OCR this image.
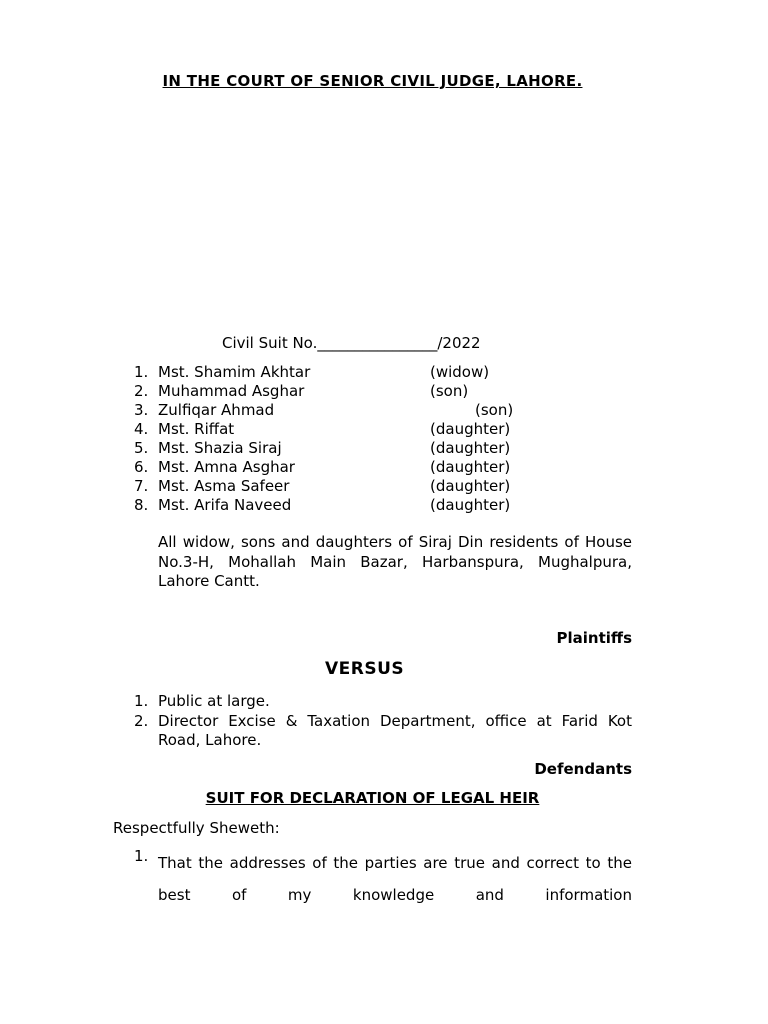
IN THE COURT OF SENIOR CIVIL JUDGE, LAHORE.
Civil Suit No.________________/2022
1. Mst. Shamim Akhtar	(widow)
2. Muhammad Asghar	(son)
3. Zulfiqar Ahmad	(son)
4. Mst. Riffat	(daughter)
5. Mst. Shazia Siraj	(daughter)
6. Mst. Amna Asghar	(daughter)
7. Mst. Asma Safeer	(daughter)
8. Mst. Arifa Naveed	(daughter)
All widow, sons and daughters of Siraj Din residents of House No.3-H, Mohallah Main Bazar, Harbanspura, Mughalpura, Lahore Cantt.
Plaintiffs
VERSUS
1. Public at large.
2. Director Excise & Taxation Department, office at Farid Kot Road, Lahore.
Defendants
SUIT FOR DECLARATION OF LEGAL HEIR
Respectfully Sheweth:
1. That the addresses of the parties are true and correct to the best of my knowledge and information
